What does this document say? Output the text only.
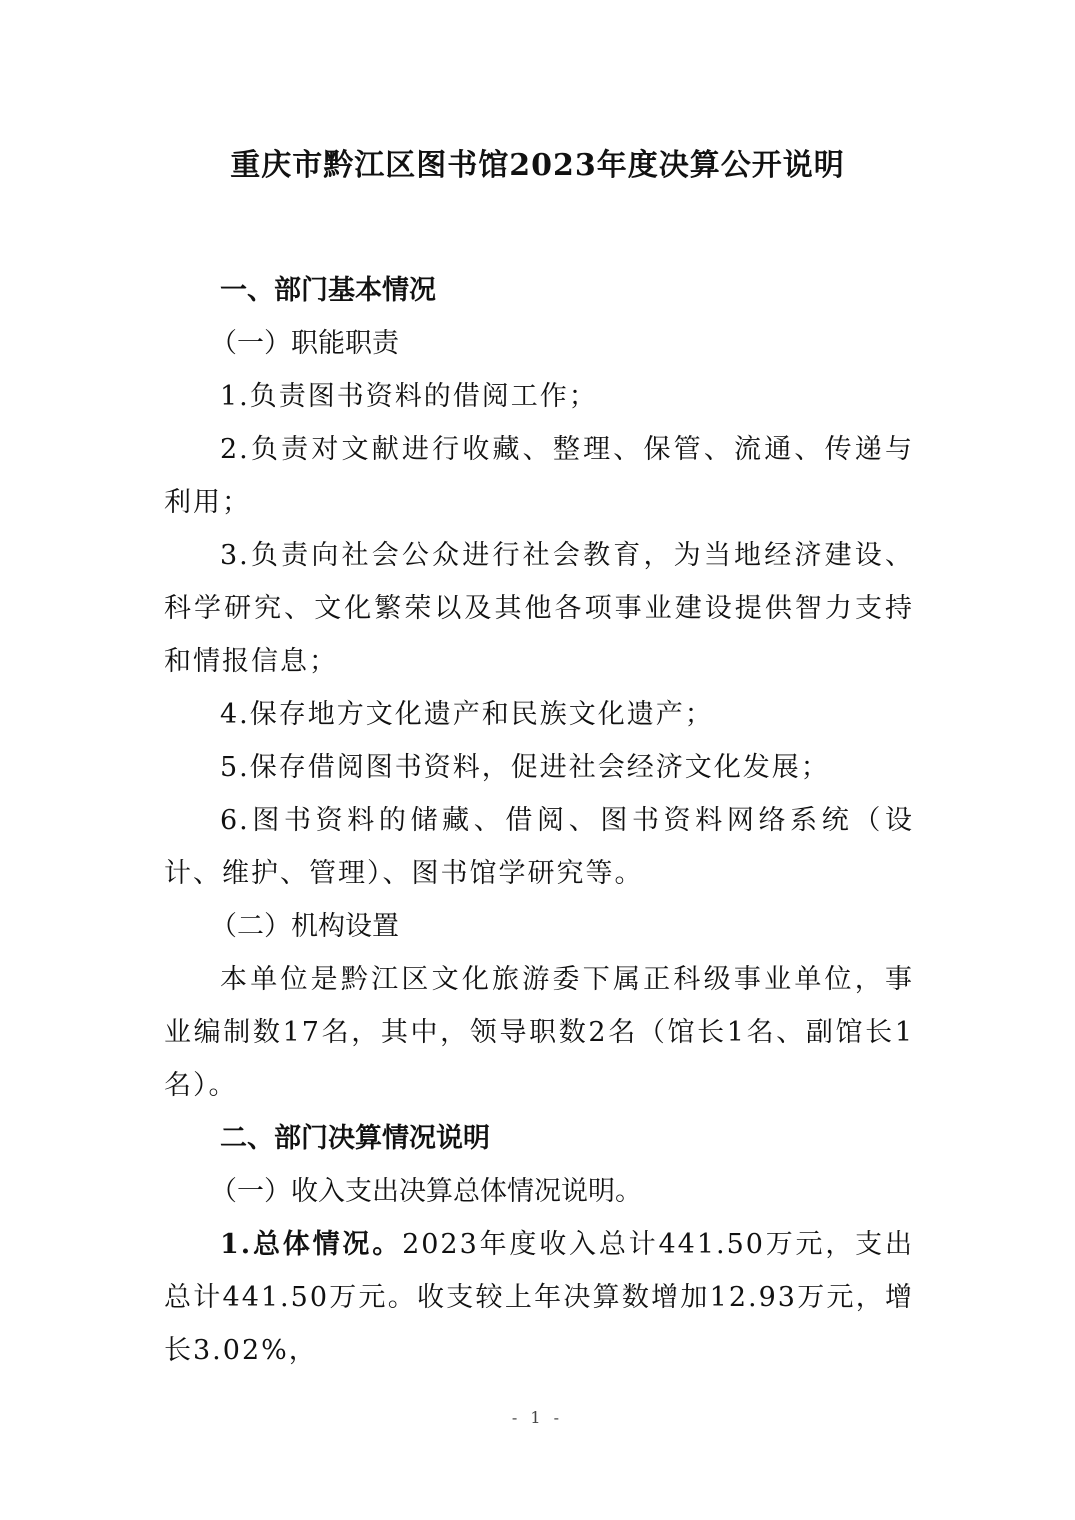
重庆市黔江区图书馆2023年度决算公开说明

一、部门基本情况

（一）职能职责

1.负责图书资料的借阅工作；

2.负责对文献进行收藏、整理、保管、流通、传递与利用；

3.负责向社会公众进行社会教育，为当地经济建设、科学研究、文化繁荣以及其他各项事业建设提供智力支持和情报信息；

4.保存地方文化遗产和民族文化遗产；

5.保存借阅图书资料，促进社会经济文化发展；

6.图书资料的储藏、借阅、图书资料网络系统（设计、维护、管理）、图书馆学研究等。

（二）机构设置

本单位是黔江区文化旅游委下属正科级事业单位，事业编制数17名，其中，领导职数2名（馆长1名、副馆长1名）。

二、部门决算情况说明

（一）收入支出决算总体情况说明。

1.总体情况。2023年度收入总计441.50万元，支出总计441.50万元。收支较上年决算数增加12.93万元，增长3.02%，

- 1 -
